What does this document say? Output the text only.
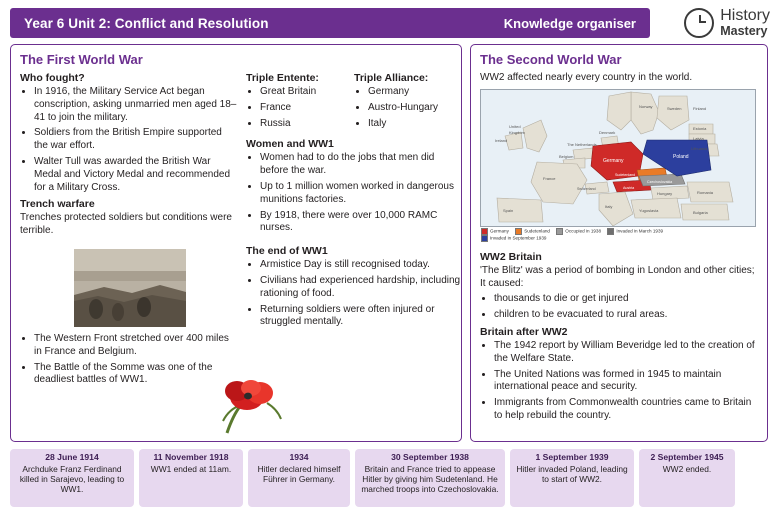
Year 6 Unit 2: Conflict and Resolution	Knowledge organiser	History
Mastery
The First World War
Who fought?
• In 1916, the Military Service Act began conscription, asking unmarried men aged 18–41 to join the military.
• Soldiers from the British Empire supported the war effort.
• Walter Tull was awarded the British War Medal and Victory Medal and recommended for a Military Cross.
Trench warfare

Trenches protected soldiers but conditions were terrible.

• The Western Front stretched over 400 miles in France and Belgium.
• The Battle of the Somme was one of the deadliest battles of WW1.
Triple Entente:
• Great Britain
• France
• Russia
Triple Alliance:
• Germany
• Austro-Hungary
• Italy
Women and WW1
• Women had to do the jobs that men did before the war.
• Up to 1 million women worked in dangerous munitions factories.
• By 1918, there were over 10,000 RAMC nurses.
The end of WW1
• Armistice Day is still recognised today.
• Civilians had experienced hardship, including rationing of food.
• Returning soldiers were often injured or struggled mentally.
The Second World War

WW2 affected nearly every country in the world.

Norway	Sweden	Finland
Estonia
Latvia
Lithuania
Denmark
The Netherlands
United
Kingdom
Ireland
Germany
Poland
Belgium
France
Sudetenland
Czechoslovakia
Austria
Hungary	Romania
Switzerland
Italy
Yugoslavia	Bulgaria
Spain
Germany	Sudetenland	Occupied in 1938	Invaded in March 1939
Invaded in September 1939
WW2 Britain

'The Blitz' was a period of bombing in London and other cities; It caused:

• thousands to die or get injured
• children to be evacuated to rural areas.
Britain after WW2
• The 1942 report by William Beveridge led to the creation of the Welfare State.
• The United Nations was formed in 1945 to maintain international peace and security.
• Immigrants from Commonwealth countries came to Britain to help rebuild the country.
28 June 1914
Archduke Franz Ferdinand killed in Sarajevo, leading to WW1.
11 November 1918
WW1 ended at 11am.
1934
Hitler declared himself Führer in Germany.
30 September 1938
Britain and France tried to appease Hitler by giving him Sudetenland. He marched troops into Czechoslovakia.
1 September 1939
Hitler invaded Poland, leading to start of WW2.
2 September 1945
WW2 ended.
